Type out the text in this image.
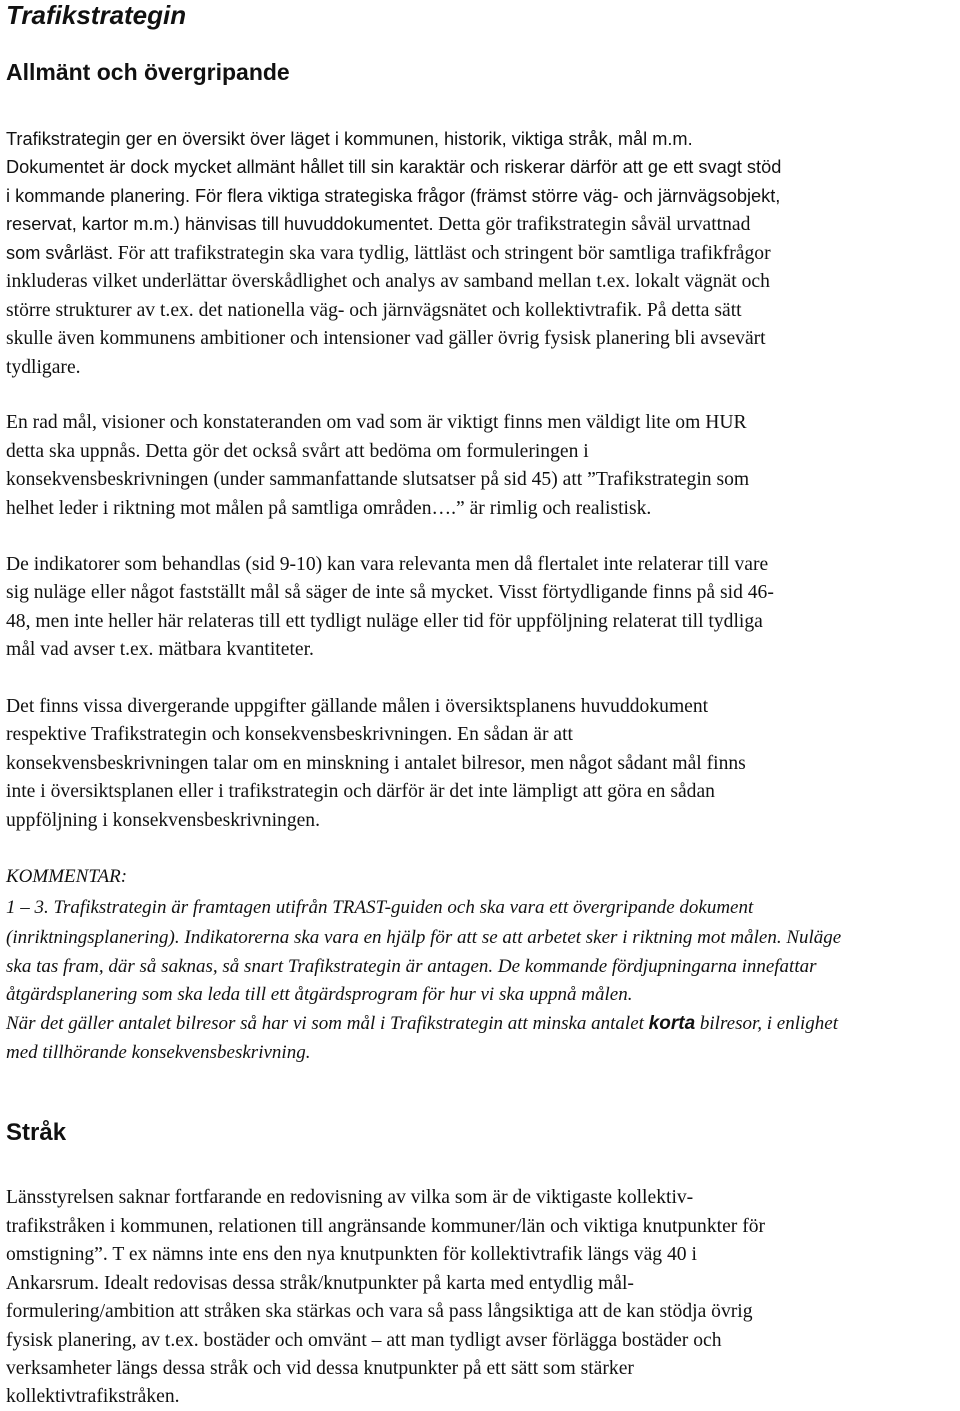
Trafikstrategin
Allmänt och övergripande
Trafikstrategin ger en översikt över läget i kommunen, historik, viktiga stråk, mål m.m.
Dokumentet är dock mycket allmänt hållet till sin karaktär och riskerar därför att ge ett svagt stöd
i kommande planering. För flera viktiga strategiska frågor (främst större väg- och järnvägsobjekt,
reservat, kartor m.m.) hänvisas till huvuddokumentet. Detta gör trafikstrategin såväl urvattnad
som svårläst. För att trafikstrategin ska vara tydlig, lättläst och stringent bör samtliga trafikfrågor
inkluderas vilket underlättar överskådlighet och analys av samband mellan t.ex. lokalt vägnät och
större strukturer av t.ex. det nationella väg- och järnvägsnätet och kollektivtrafik. På detta sätt
skulle även kommunens ambitioner och intensioner vad gäller övrig fysisk planering bli avsevärt
tydligare.
En rad mål, visioner och konstateranden om vad som är viktigt finns men väldigt lite om HUR
detta ska uppnås. Detta gör det också svårt att bedöma om formuleringen i
konsekvensbeskrivningen (under sammanfattande slutsatser på sid 45) att ”Trafikstrategin som
helhet leder i riktning mot målen på samtliga områden….” är rimlig och realistisk.
De indikatorer som behandlas (sid 9-10) kan vara relevanta men då flertalet inte relaterar till vare
sig nuläge eller något fastställt mål så säger de inte så mycket. Visst förtydligande finns på sid 46-
48, men inte heller här relateras till ett tydligt nuläge eller tid för uppföljning relaterat till tydliga
mål vad avser t.ex. mätbara kvantiteter.
Det finns vissa divergerande uppgifter gällande målen i översiktsplanens huvuddokument
respektive Trafikstrategin och konsekvensbeskrivningen. En sådan är att
konsekvensbeskrivningen talar om en minskning i antalet bilresor, men något sådant mål finns
inte i översiktsplanen eller i trafikstrategin och därför är det inte lämpligt att göra en sådan
uppföljning i konsekvensbeskrivningen.
KOMMENTAR:
1 – 3. Trafikstrategin är framtagen utifrån TRAST-guiden och ska vara ett övergripande dokument
(inriktningsplanering). Indikatorerna ska vara en hjälp för att se att arbetet sker i riktning mot målen. Nuläge
ska tas fram, där så saknas, så snart Trafikstrategin är antagen. De kommande fördjupningarna innefattar
åtgärdsplanering som ska leda till ett åtgärdsprogram för hur vi ska uppnå målen.
När det gäller antalet bilresor så har vi som mål i Trafikstrategin att minska antalet korta bilresor, i enlighet
med tillhörande konsekvensbeskrivning.
Stråk
Länsstyrelsen saknar fortfarande en redovisning av vilka som är de viktigaste kollektiv-
trafikstråken i kommunen, relationen till angränsande kommuner/län och viktiga knutpunkter för
omstigning”. T ex nämns inte ens den nya knutpunkten för kollektivtrafik längs väg 40 i
Ankarsrum. Idealt redovisas dessa stråk/knutpunkter på karta med entydlig mål-
formulering/ambition att stråken ska stärkas och vara så pass långsiktiga att de kan stödja övrig
fysisk planering, av t.ex. bostäder och omvänt – att man tydligt avser förlägga bostäder och
verksamheter längs dessa stråk och vid dessa knutpunkter på ett sätt som stärker
kollektivtrafikstråken.
